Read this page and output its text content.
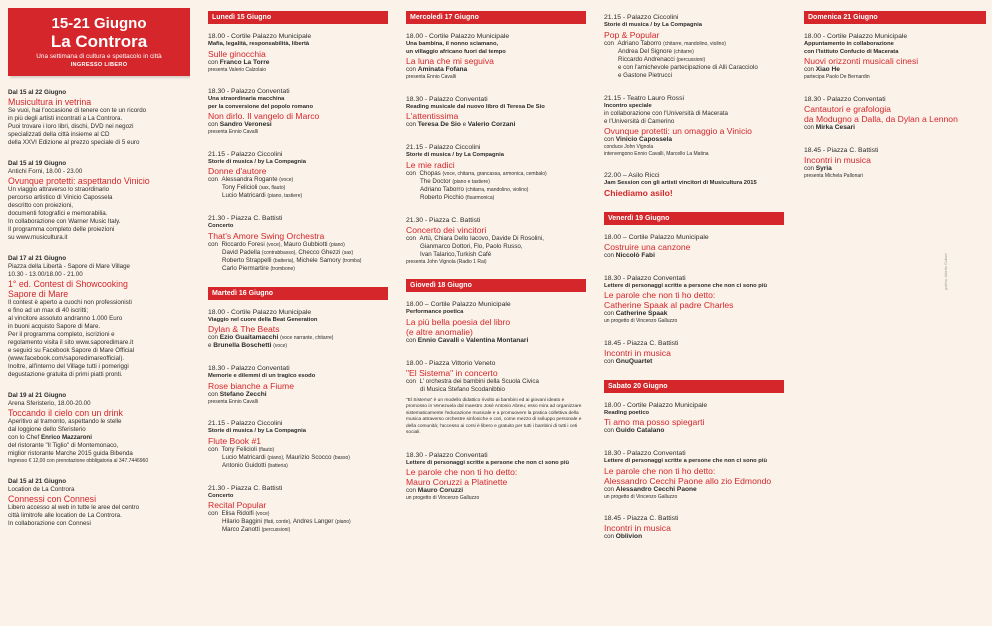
15-21 Giugno
La Controra
Una settimana di cultura e spettacolo in città
INGRESSO LIBERO
Dal 15 al 22 Giugno
Musicultura in vetrina
Se vuoi, hai l'occasione di tenere con te un ricordo
in più degli artisti incontrati a La Controra.
Puoi trovare i loro libri, dischi, DVD nei negozi
specializzati della città insieme al CD
della XXVI Edizione al prezzo speciale di 5 euro
Dal 15 al 19 Giugno
Antichi Forni, 18.00 - 23.00
Ovunque protetti: aspettando Vinicio
Un viaggio attraverso lo straordinario
percorso artistico di Vinicio Capossela
descritto con proiezioni,
documenti fotografici e memorabilia.
In collaborazione con Warner Music Italy.
Il programma completo delle proiezioni
su www.musicultura.it
Dal 17 al 21 Giugno
Piazza della Libertà - Sapore di Mare Village
10.30 - 13.00/18.00 - 21.00
1° ed. Contest di Showcooking
Sapore di Mare
Il contest è aperto a cuochi non professionisti
e fino ad un max di 40 iscritti;
al vincitore assoluto andranno 1.000 Euro
in buoni acquisto Sapore di Mare.
Per il programma completo, iscrizioni e
regolamento visita il sito www.saporedimare.it
e seguici su Facebook Sapore di Mare Official
(www.facebook.com/saporedimareofficial).
Inoltre, all'interno del Village tutti i pomeriggi
degustazione gratuita di primi piatti pronti.
Dal 19 al 21 Giugno
Arena Sferisterio, 18.00-20.00
Toccando il cielo con un drink
Aperitivo al tramonto, aspettando le stelle
dal loggione dello Sferisterio
con lo Chef Enrico Mazzaroni
del ristorante "Il Tiglio" di Montemonaco,
miglior ristorante Marche 2015 guida Bibenda
Ingresso € 12,00 con prenotazione obbligatoria al 347.7446960
Dal 15 al 21 Giugno
Location de La Controra
Connessi con Connesi
Libero accesso al web in tutte le aree del centro
città limitrofe alle location de La Controra.
In collaborazione con Connesi
Lunedì 15 Giugno
18.00 - Cortile Palazzo Municipale
Mafia, legalità, responsabilità, libertà
Sulle ginocchia
con Franco La Torre
presenta Valerio Calzolaio
18.30 - Palazzo Conventati
Una straordinaria macchina
per la conversione del popolo romano
Non dirlo. Il vangelo di Marco
con Sandro Veronesi
presenta Ennio Cavalli
21.15 - Palazzo Ciccolini
Storie di musica / by La Compagnia
Donne d'autore
con Alessandra Rogante (voce)
Tony Felicioli (sax, flauto)
Lucio Matricardi (piano, tastiere)
21.30 - Piazza C. Battisti
Concerto
That's Amore Swing Orchestra
con Riccardo Foresi (voce), Mauro Gubbiotti (piano)
David Padella (contrabbasso), Checco Ghezzi (sax)
Roberto Strappelli (batteria), Michele Samory (tromba)
Carlo Piermartire (trombone)
Martedì 16 Giugno
18.00 - Cortile Palazzo Municipale
Viaggio nel cuore della Beat Generation
Dylan & The Beats
con Ezio Guaitamacchi (voce narrante, chitarre)
e Brunella Boschetti (voce)
18.30 - Palazzo Conventati
Memorie e dilemmi di un tragico esodo
Rose bianche a Fiume
con Stefano Zecchi
presenta Ennio Cavalli
21.15 - Palazzo Ciccolini
Storie di musica / by La Compagnia
Flute Book #1
con Tony Felicioli (flauto)
Lucio Matricardi (piano), Maurizio Scocco (basso)
Antonio Guidotti (batteria)
21.30 - Piazza C. Battisti
Concerto
Recital Popular
con Elisa Ridolfi (voce)
Hilario Baggini (flati, corde), Andres Langer (piano)
Marco Zanotti (percussioni)
Mercoledì 17 Giugno
18.00 - Cortile Palazzo Municipale
Una bambina, il nonno sciamano,
un villaggio africano fuori dal tempo
La luna che mi seguiva
con Aminata Fofana
presenta Ennio Cavalli
18.30 - Palazzo Conventati
Reading musicale dal nuovo libro di Teresa De Sio
L'attentissima
con Teresa De Sio e Valerio Corzani
21.15 - Palazzo Ciccolini
Storie di musica / by La Compagnia
Le mie radici
con Chopas (voce, chitarra, grancassa, armonica, cembalo)
The Doctor (piano e tastiere)
Adriano Taborro (chitarra, mandolino, violino)
Roberto Picchio (fisarmonica)
21.30 - Piazza C. Battisti
Concerto dei vincitori
con Artù, Chiara Dello Iacovo, Davide Di Rosolini,
Gianmarco Dottori, Flo, Paolo Russo,
Ivan Talarico,Turkish Café
presenta John Vignola (Radio 1 Rai)
Giovedì 18 Giugno
18.00 – Cortile Palazzo Municipale
Performance poetica
La più bella poesia del libro
(e altre anomalie)
con Ennio Cavalli e Valentina Montanari
18.00 - Piazza Vittorio Veneto
"El Sistema" in concerto
con L' orchestra dei bambini della Scuola Civica
di Musica Stefano Scodanibbio
"El Sistema" è un modello didattico rivolto ai bambini ed ai giovani ideato e promosso in Venezuela dal maestro José Antonio Abreu; esso mira ad organizzare sistematicamente l'educazione musicale e a promuovere la pratica collettiva della musica attraverso orchestre sinfoniche e cori, come mezzo di sviluppo personale e della comunità; l'accesso ai corsi è libero e gratuito per tutti i bambini di tutti i ceti sociali.
18.30 - Palazzo Conventati
Lettere di personaggi scritte a persone che non ci sono più
Le parole che non ti ho detto:
Mauro Coruzzi a Platinette
con Mauro Coruzzi
un progetto di Vincenzo Galluzzo
21.15 - Palazzo Ciccolini
Storie di musica / by La Compagnia
Pop & Popular
con Adriano Taborro (chitarre, mandolino, violino)
Andrea Del Signore (chitarre)
Riccardo Andrenacci (percussioni)
e con l'amichevole partecipazione di Alli Caracciolo
e Gastone Pietrucci
21.15 - Teatro Lauro Rossi
Incontro speciale
in collaborazione con l'Università di Macerata
e l'Università di Camerino
Ovunque protetti: un omaggio a Vinicio
con Vinicio Capossela
conduce John Vignola
intervengono Ennio Cavalli, Marcello La Matina
22.00 – Asilo Ricci
Jam Session con gli artisti vincitori di Musicultura 2015
Chiediamo asilo!
Venerdì 19 Giugno
18.00 – Cortile Palazzo Municipale
Costruire una canzone
con Niccolò Fabi
18.30 - Palazzo Conventati
Lettere di personaggi scritte a persone che non ci sono più
Le parole che non ti ho detto:
Catherine Spaak al padre Charles
con Catherine Spaak
un progetto di Vincenzo Galluzzo
18.45 - Piazza C. Battisti
Incontri in musica
con GnuQuartet
Sabato 20 Giugno
18.00 - Cortile Palazzo Municipale
Reading poetico
Ti amo ma posso spiegarti
con Guido Catalano
18.30 - Palazzo Conventati
Lettere di personaggi scritte a persone che non ci sono più
Le parole che non ti ho detto:
Alessandro Cecchi Paone allo zio Edmondo
con Alessandro Cecchi Paone
un progetto di Vincenzo Galluzzo
18.45 - Piazza C. Battisti
Incontri in musica
con Oblivion
Domenica 21 Giugno
18.00 - Cortile Palazzo Municipale
Appuntamento in collaborazione
con l'Istituto Confucio di Macerata
Nuovi orizzonti musicali cinesi
con Xiao He
partecipa Paolo De Bernardin
18.30 - Palazzo Conventati
Cantautori e grafologia
da Modugno a Dalla, da Dylan a Lennon
con Mirka Cesari
18.45 - Piazza C. Battisti
Incontri in musica
con Syria
presenta Michela Pallonari
grafica: Alberto Giuliani
